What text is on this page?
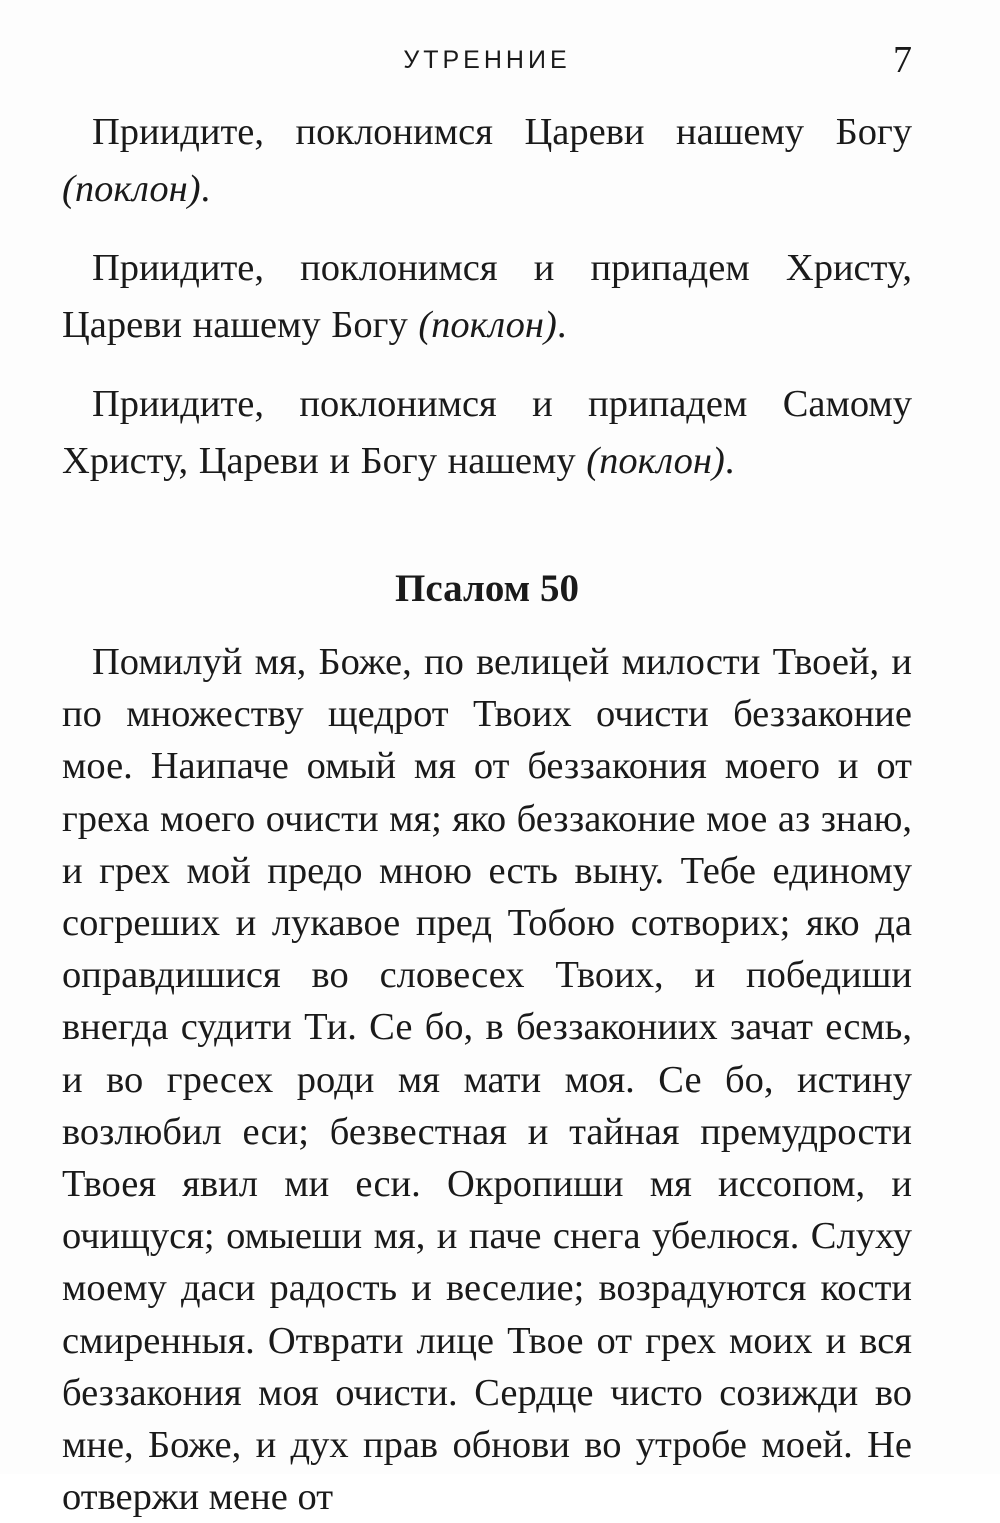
УТРЕННИЕ	7

Приидите, поклонимся Цареви нашему Богу (поклон).

Приидите, поклонимся и припадем Христу, Цареви нашему Богу (поклон).

Приидите, поклонимся и припадем Самому Христу, Цареви и Богу нашему (поклон).

Псалом 50

Помилуй мя, Боже, по велицей милости Твоей, и по множеству щедрот Твоих очисти беззаконие мое. Наипаче омый мя от беззакония моего и от греха моего очисти мя; яко беззаконие мое аз знаю, и грех мой предо мною есть выну. Тебе единому согреших и лукавое пред Тобою сотворих; яко да оправдишися во словесех Твоих, и победиши внегда судити Ти. Се бо, в беззакониих зачат есмь, и во гресех роди мя мати моя. Се бо, истину возлюбил еси; безвестная и тайная премудрости Твоея явил ми еси. Окропиши мя иссопом, и очищуся; омыеши мя, и паче снега убелюся. Слуху моему даси радость и веселие; возрадуются кости смиренныя. Отврати лице Твое от грех моих и вся беззакония моя очисти. Сердце чисто созижди во мне, Боже, и дух прав обнови во утробе моей. Не отвержи мене от
